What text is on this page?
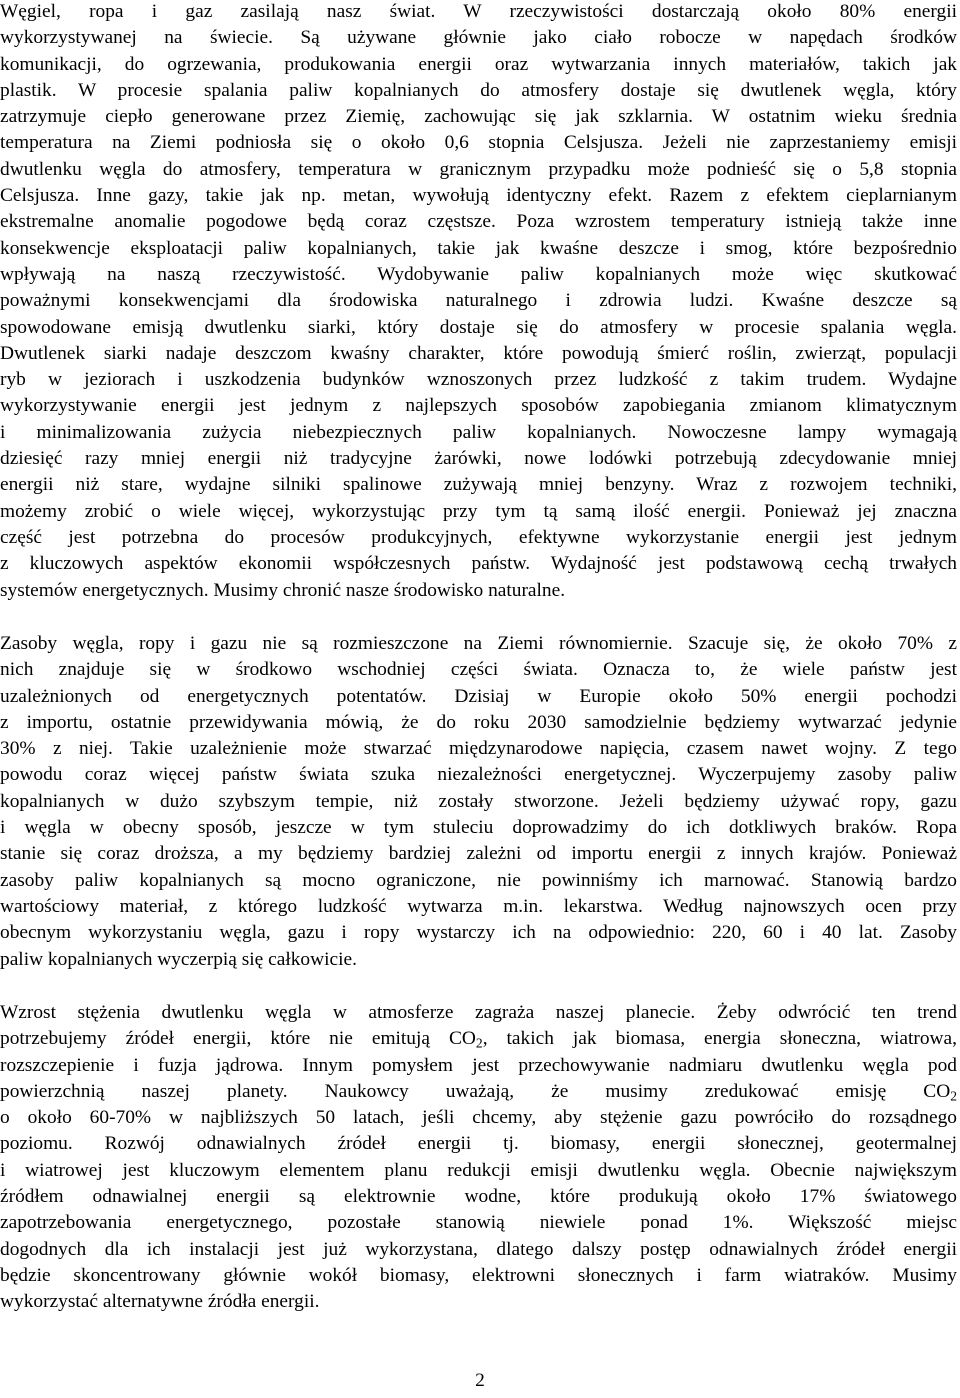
Węgiel, ropa i gaz zasilają nasz świat. W rzeczywistości dostarczają około 80% energii
wykorzystywanej na świecie. Są używane głównie jako ciało robocze w napędach środków
komunikacji, do ogrzewania, produkowania energii oraz wytwarzania innych materiałów, takich jak
plastik. W procesie spalania paliw kopalnianych do atmosfery dostaje się dwutlenek węgla, który
zatrzymuje ciepło generowane przez Ziemię, zachowując się jak szklarnia. W ostatnim wieku średnia
temperatura na Ziemi podniosła się o około 0,6 stopnia Celsjusza. Jeżeli nie zaprzestaniemy emisji
dwutlenku węgla do atmosfery, temperatura w granicznym przypadku może podnieść się o 5,8 stopnia
Celsjusza. Inne gazy, takie jak np. metan, wywołują identyczny efekt. Razem z efektem cieplarnianym
ekstremalne anomalie pogodowe będą coraz częstsze. Poza wzrostem temperatury istnieją także inne
konsekwencje eksploatacji paliw kopalnianych, takie jak kwaśne deszcze i smog, które bezpośrednio
wpływają na naszą rzeczywistość. Wydobywanie paliw kopalnianych może więc skutkować
poważnymi konsekwencjami dla środowiska naturalnego i zdrowia ludzi. Kwaśne deszcze są
spowodowane emisją dwutlenku siarki, który dostaje się do atmosfery w procesie spalania węgla.
Dwutlenek siarki nadaje deszczom kwaśny charakter, które powodują śmierć roślin, zwierząt, populacji
ryb w jeziorach i uszkodzenia budynków wznoszonych przez ludzkość z takim trudem. Wydajne
wykorzystywanie energii jest jednym z najlepszych sposobów zapobiegania zmianom klimatycznym
i minimalizowania zużycia niebezpiecznych paliw kopalnianych. Nowoczesne lampy wymagają
dziesięć razy mniej energii niż tradycyjne żarówki, nowe lodówki potrzebują zdecydowanie mniej
energii niż stare, wydajne silniki spalinowe zużywają mniej benzyny. Wraz z rozwojem techniki,
możemy zrobić o wiele więcej, wykorzystując przy tym tą samą ilość energii. Ponieważ jej znaczna
część jest potrzebna do procesów produkcyjnych, efektywne wykorzystanie energii jest jednym
z kluczowych aspektów ekonomii współczesnych państw. Wydajność jest podstawową cechą trwałych
systemów energetycznych. Musimy chronić nasze środowisko naturalne.
Zasoby węgla, ropy i gazu nie są rozmieszczone na Ziemi równomiernie. Szacuje się, że około 70% z
nich znajduje się w środkowo wschodniej części świata. Oznacza to, że wiele państw jest
uzależnionych od energetycznych potentatów. Dzisiaj w Europie około 50% energii pochodzi
z importu, ostatnie przewidywania mówią, że do roku 2030 samodzielnie będziemy wytwarzać jedynie
30% z niej. Takie uzależnienie może stwarzać międzynarodowe napięcia, czasem nawet wojny. Z tego
powodu coraz więcej państw świata szuka niezależności energetycznej. Wyczerpujemy zasoby paliw
kopalnianych w dużo szybszym tempie, niż zostały stworzone. Jeżeli będziemy używać ropy, gazu
i węgla w obecny sposób, jeszcze w tym stuleciu doprowadzimy do ich dotkliwych braków. Ropa
stanie się coraz droższa, a my będziemy bardziej zależni od importu energii z innych krajów. Ponieważ
zasoby paliw kopalnianych są mocno ograniczone, nie powinniśmy ich marnować. Stanowią bardzo
wartościowy materiał, z którego ludzkość wytwarza m.in. lekarstwa. Według najnowszych ocen przy
obecnym wykorzystaniu węgla, gazu i ropy wystarczy ich na odpowiednio: 220, 60 i 40 lat. Zasoby
paliw kopalnianych wyczerpią się całkowicie.
Wzrost stężenia dwutlenku węgla w atmosferze zagraża naszej planecie. Żeby odwrócić ten trend
potrzebujemy źródeł energii, które nie emitują $CO_2$, takich jak biomasa, energia słoneczna, wiatrowa,
rozszczepienie i fuzja jądrowa. Innym pomysłem jest przechowywanie nadmiaru dwutlenku węgla pod
powierzchnią naszej planety. Naukowcy uważają, że musimy zredukować emisję $CO_2$
o około 60-70% w najbliższych 50 latach, jeśli chcemy, aby stężenie gazu powróciło do rozsądnego
poziomu. Rozwój odnawialnych źródeł energii tj. biomasy, energii słonecznej, geotermalnej
i wiatrowej jest kluczowym elementem planu redukcji emisji dwutlenku węgla. Obecnie największym
źródłem odnawialnej energii są elektrownie wodne, które produkują około 17% światowego
zapotrzebowania energetycznego, pozostałe stanowią niewiele ponad 1%. Większość miejsc
dogodnych dla ich instalacji jest już wykorzystana, dlatego dalszy postęp odnawialnych źródeł energii
będzie skoncentrowany głównie wokół biomasy, elektrowni słonecznych i farm wiatraków. Musimy
wykorzystać alternatywne źródła energii.
2
